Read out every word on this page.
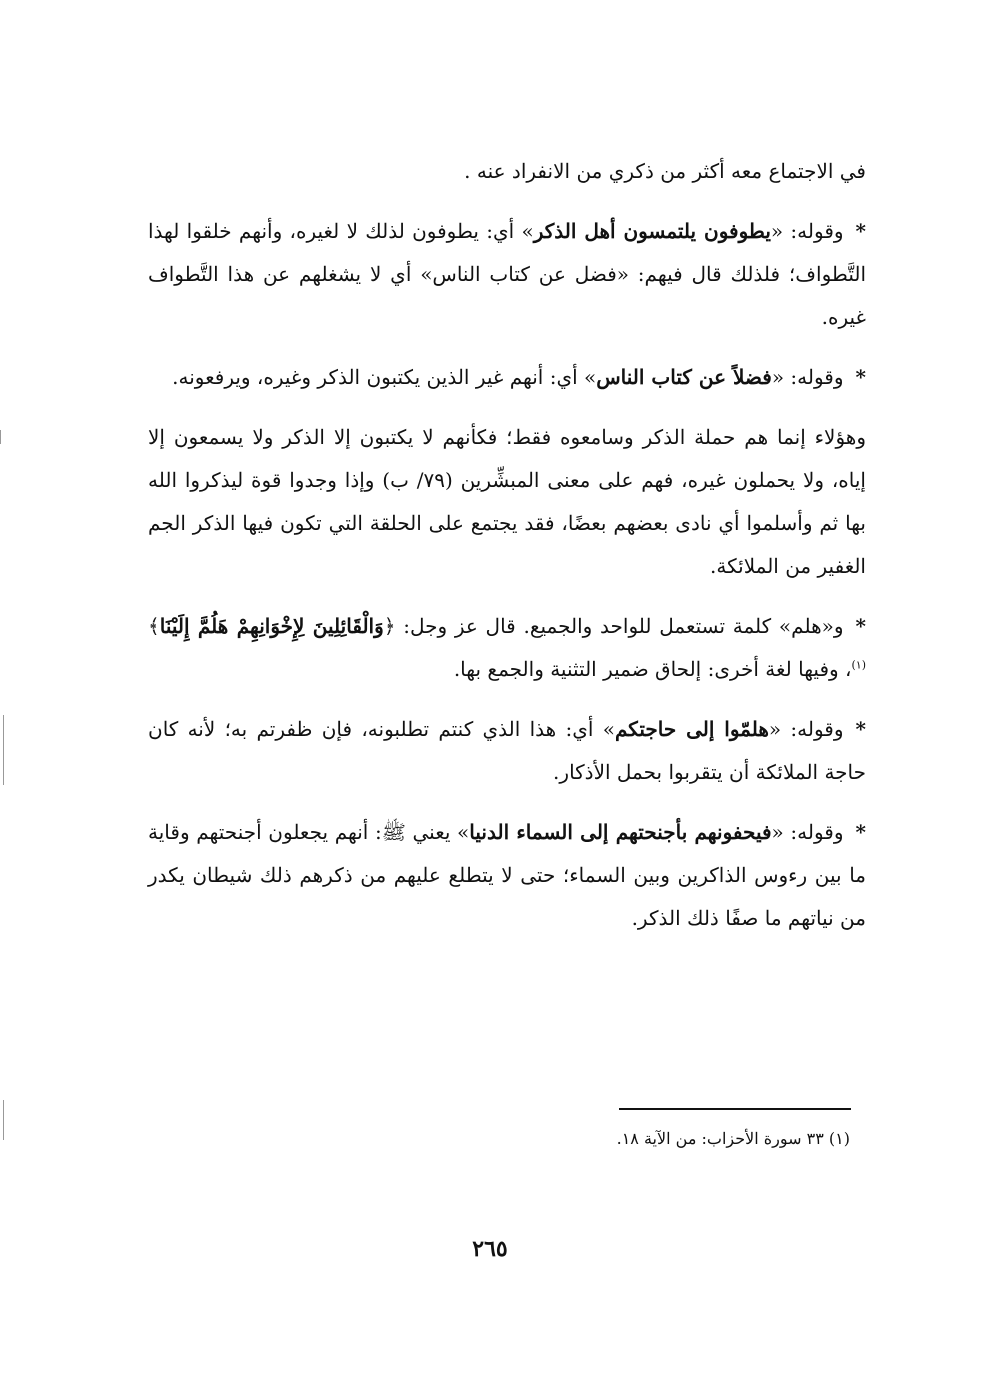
في الاجتماع معه أكثر من ذكري من الانفراد عنه .

*وقوله: «يطوفون يلتمسون أهل الذكر» أي: يطوفون لذلك لا لغيره، وأنهم خلقوا لهذا التَّطواف؛ فلذلك قال فيهم: «فضل عن كتاب الناس» أي لا يشغلهم عن هذا التَّطواف غيره.

*وقوله: «فضلاً عن كتاب الناس» أي: أنهم غير الذين يكتبون الذكر وغيره، ويرفعونه.

وهؤلاء إنما هم حملة الذكر وسامعوه فقط؛ فكأنهم لا يكتبون إلا الذكر ولا يسمعون إلا إياه، ولا يحملون غيره، فهم على معنى المبشِّرين (٧٩/ ب) وإذا وجدوا قوة ليذكروا الله بها ثم وأسلموا أي نادى بعضهم بعضًا، فقد يجتمع على الحلقة التي تكون فيها الذكر الجم الغفير من الملائكة.

*و«هلم» كلمة تستعمل للواحد والجميع. قال عز وجل: ﴿وَالْقَائِلِينَ لِإِخْوَانِهِمْ هَلُمَّ إِلَيْنَا﴾$^{(١)}$، وفيها لغة أخرى: إلحاق ضمير التثنية والجمع بها.

*وقوله: «هلمّوا إلى حاجتكم» أي: هذا الذي كنتم تطلبونه، فإن ظفرتم به؛ لأنه كان حاجة الملائكة أن يتقربوا بحمل الأذكار.

*وقوله: «فيحفونهم بأجنحتهم إلى السماء الدنيا» يعني ﷺ: أنهم يجعلون أجنحتهم وقاية ما بين رءوس الذاكرين وبين السماء؛ حتى لا يتطلع عليهم من ذكرهم ذلك شيطان يكدر من نياتهم ما صفًا ذلك الذكر.

(١) ٣٣ سورة الأحزاب: من الآية ١٨.
٢٦٥
